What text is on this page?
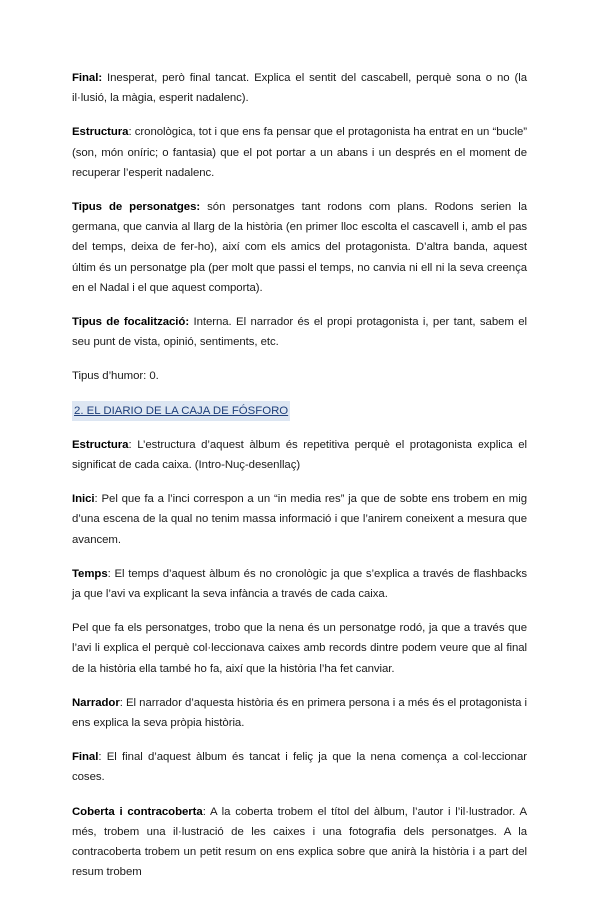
Final: Inesperat, però final tancat. Explica el sentit del cascabell, perquè sona o no (la il·lusió, la màgia, esperit nadalenc).

Estructura: cronològica, tot i que ens fa pensar que el protagonista ha entrat en un “bucle” (son, món oníric; o fantasia) que el pot portar a un abans i un després en el moment de recuperar l’esperit nadalenc.

Tipus de personatges: són personatges tant rodons com plans. Rodons serien la germana, que canvia al llarg de la història (en primer lloc escolta el cascavell i, amb el pas del temps, deixa de fer-ho), així com els amics del protagonista. D’altra banda, aquest últim és un personatge pla (per molt que passi el temps, no canvia ni ell ni la seva creença en el Nadal i el que aquest comporta).

Tipus de focalització: Interna. El narrador és el propi protagonista i, per tant, sabem el seu punt de vista, opinió, sentiments, etc.

Tipus d’humor: 0.

2. EL DIARIO DE LA CAJA DE FÓSFORO

Estructura: L’estructura d’aquest àlbum és repetitiva perquè el protagonista explica el significat de cada caixa. (Intro-Nuç-desenllaç)

Inici: Pel que fa a l’inci correspon a un “in media res” ja que de sobte ens trobem en mig d’una escena de la qual no tenim massa informació i que l’anirem coneixent a mesura que avancem.

Temps: El temps d’aquest àlbum és no cronològic ja que s’explica a través de flashbacks ja que l’avi va explicant la seva infància a través de cada caixa.

Pel que fa els personatges, trobo que la nena és un personatge rodó, ja que a través que l’avi li explica el perquè col·leccionava caixes amb records dintre podem veure que al final de la història ella també ho fa, així que la història l’ha fet canviar.

Narrador: El narrador d’aquesta història és en primera persona i a més és el protagonista i ens explica la seva pròpia història.

Final: El final d’aquest àlbum és tancat i feliç ja que la nena comença a col·leccionar coses.

Coberta i contracoberta: A la coberta trobem el títol del àlbum, l’autor i l’il·lustrador. A més, trobem una il·lustració de les caixes i una fotografia dels personatges. A la contracoberta trobem un petit resum on ens explica sobre que anirà la història i a part del resum trobem
